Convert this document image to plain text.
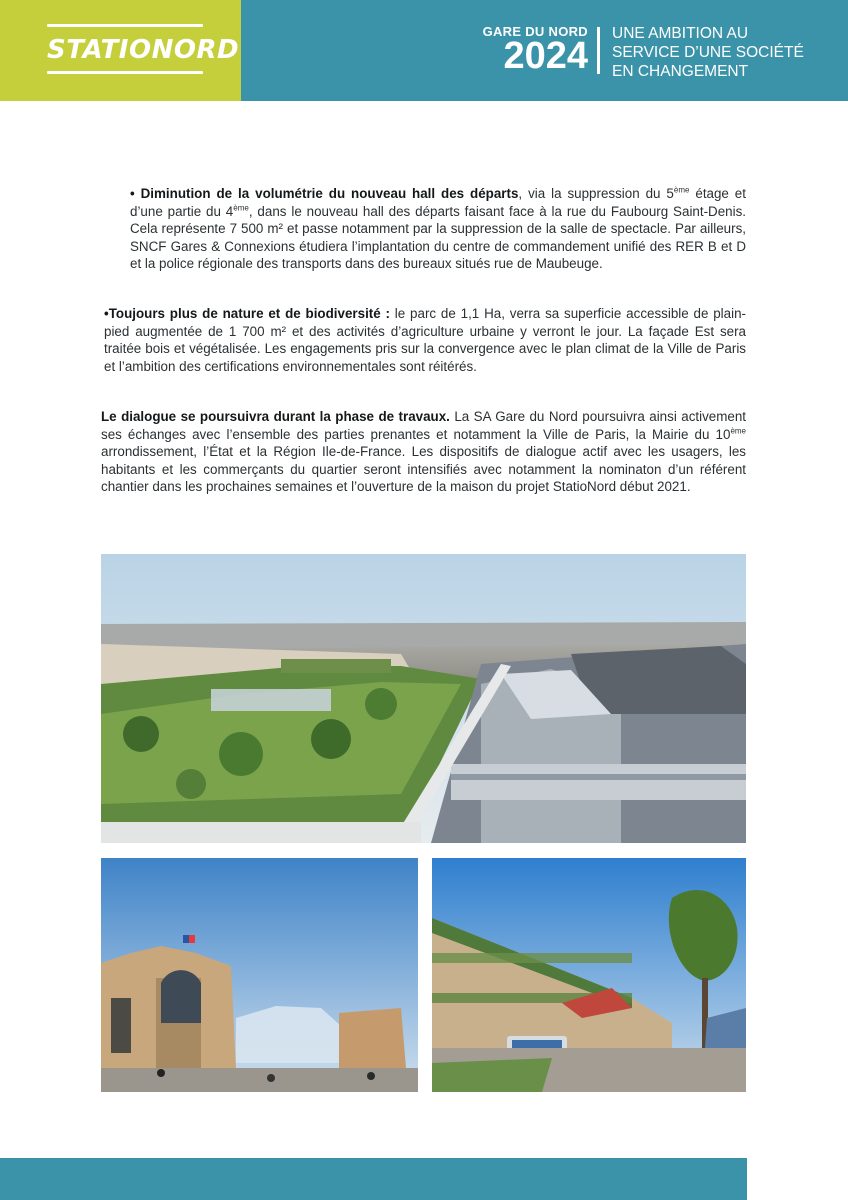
STATIONORD
GARE DU NORD
2024
UNE AMBITION AU
SERVICE D’UNE SOCIÉTÉ
EN CHANGEMENT
• Diminution de la volumétrie du nouveau hall des départs, via la suppression du 5ème étage et d’une partie du 4ème, dans le nouveau hall des départs faisant face à la rue du Faubourg Saint-Denis. Cela représente 7 500 m² et passe notamment par la suppression de la salle de spectacle. Par ailleurs, SNCF Gares & Connexions étudiera l’implantation du centre de commandement unifié des RER B et D et la police régionale des transports dans des bureaux situés rue de Maubeuge.
•Toujours plus de nature et de biodiversité : le parc de 1,1 Ha, verra sa superficie accessible de plain-pied augmentée de 1 700 m² et des activités d’agriculture urbaine y verront le jour. La façade Est sera traitée bois et végétalisée. Les engagements pris sur la convergence avec le plan climat de la Ville de Paris et l’ambition des certifications environnementales sont réitérés.
Le dialogue se poursuivra durant la phase de travaux. La SA Gare du Nord poursuivra ainsi activement ses échanges avec l’ensemble des parties prenantes et notamment la Ville de Paris, la Mairie du 10ème arrondissement, l’État et la Région Ile-de-France. Les dispositifs de dialogue actif avec les usagers, les habitants et les commerçants du quartier seront intensifiés avec notamment la nominaton d’un référent chantier dans les prochaines semaines et l’ouverture de la maison du projet StatioNord début 2021.
